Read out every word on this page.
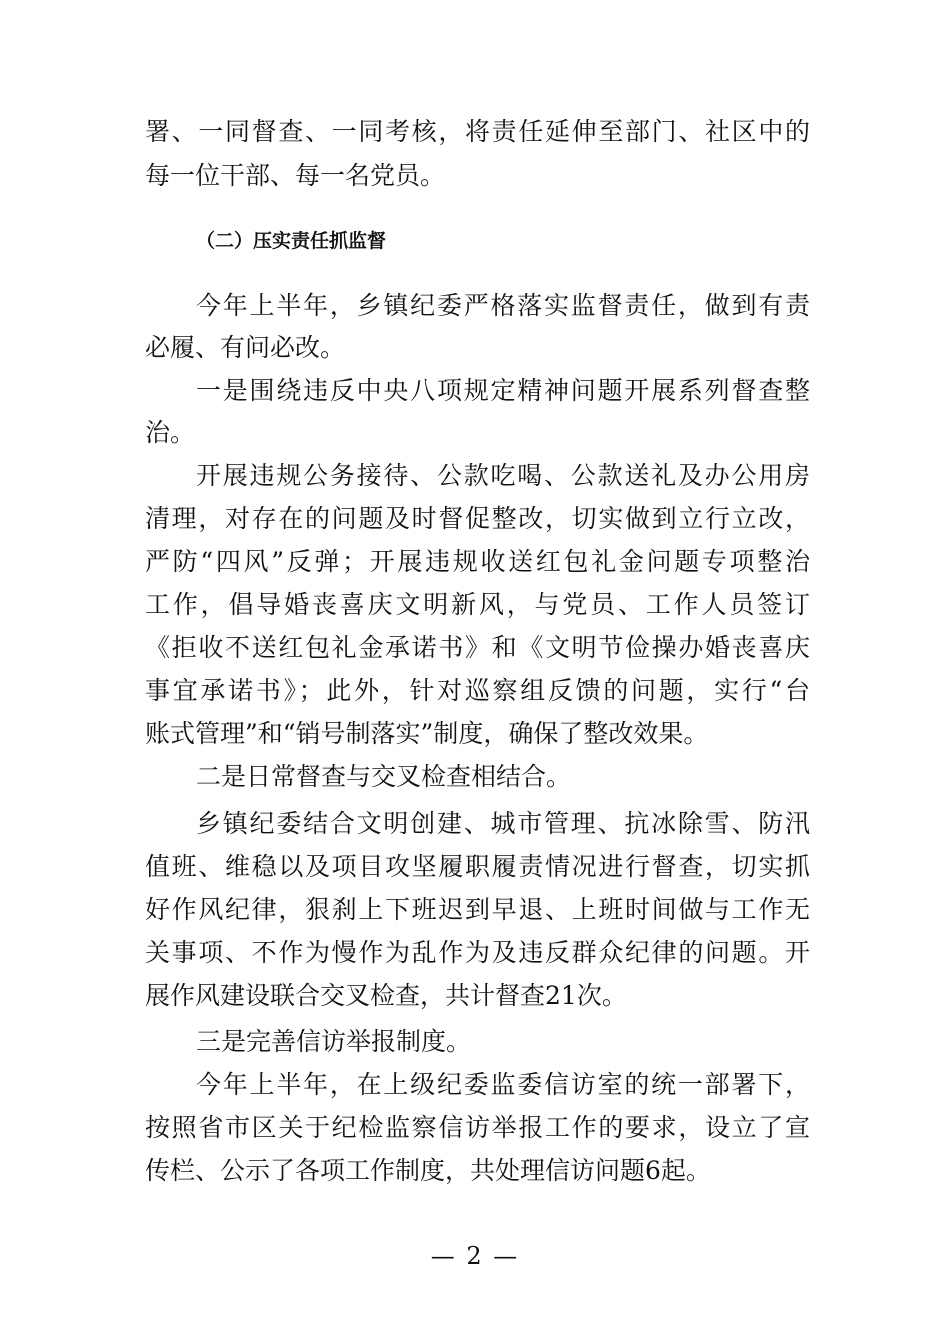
署、一同督查、一同考核，将责任延伸至部门、社区中的
每一位干部、每一名党员。
（二）压实责任抓监督
今年上半年，乡镇纪委严格落实监督责任，做到有责
必履、有问必改。
一是围绕违反中央八项规定精神问题开展系列督查整
治。
开展违规公务接待、公款吃喝、公款送礼及办公用房
清理，对存在的问题及时督促整改，切实做到立行立改，
严防“四风”反弹；开展违规收送红包礼金问题专项整治
工作，倡导婚丧喜庆文明新风，与党员、工作人员签订
《拒收不送红包礼金承诺书》和《文明节俭操办婚丧喜庆
事宜承诺书》；此外，针对巡察组反馈的问题，实行“台
账式管理”和“销号制落实”制度，确保了整改效果。
二是日常督查与交叉检查相结合。
乡镇纪委结合文明创建、城市管理、抗冰除雪、防汛
值班、维稳以及项目攻坚履职履责情况进行督查，切实抓
好作风纪律，狠刹上下班迟到早退、上班时间做与工作无
关事项、不作为慢作为乱作为及违反群众纪律的问题。开
展作风建设联合交叉检查，共计督查21次。
三是完善信访举报制度。
今年上半年，在上级纪委监委信访室的统一部署下，
按照省市区关于纪检监察信访举报工作的要求，设立了宣
传栏、公示了各项工作制度，共处理信访问题6起。
— 2 —
